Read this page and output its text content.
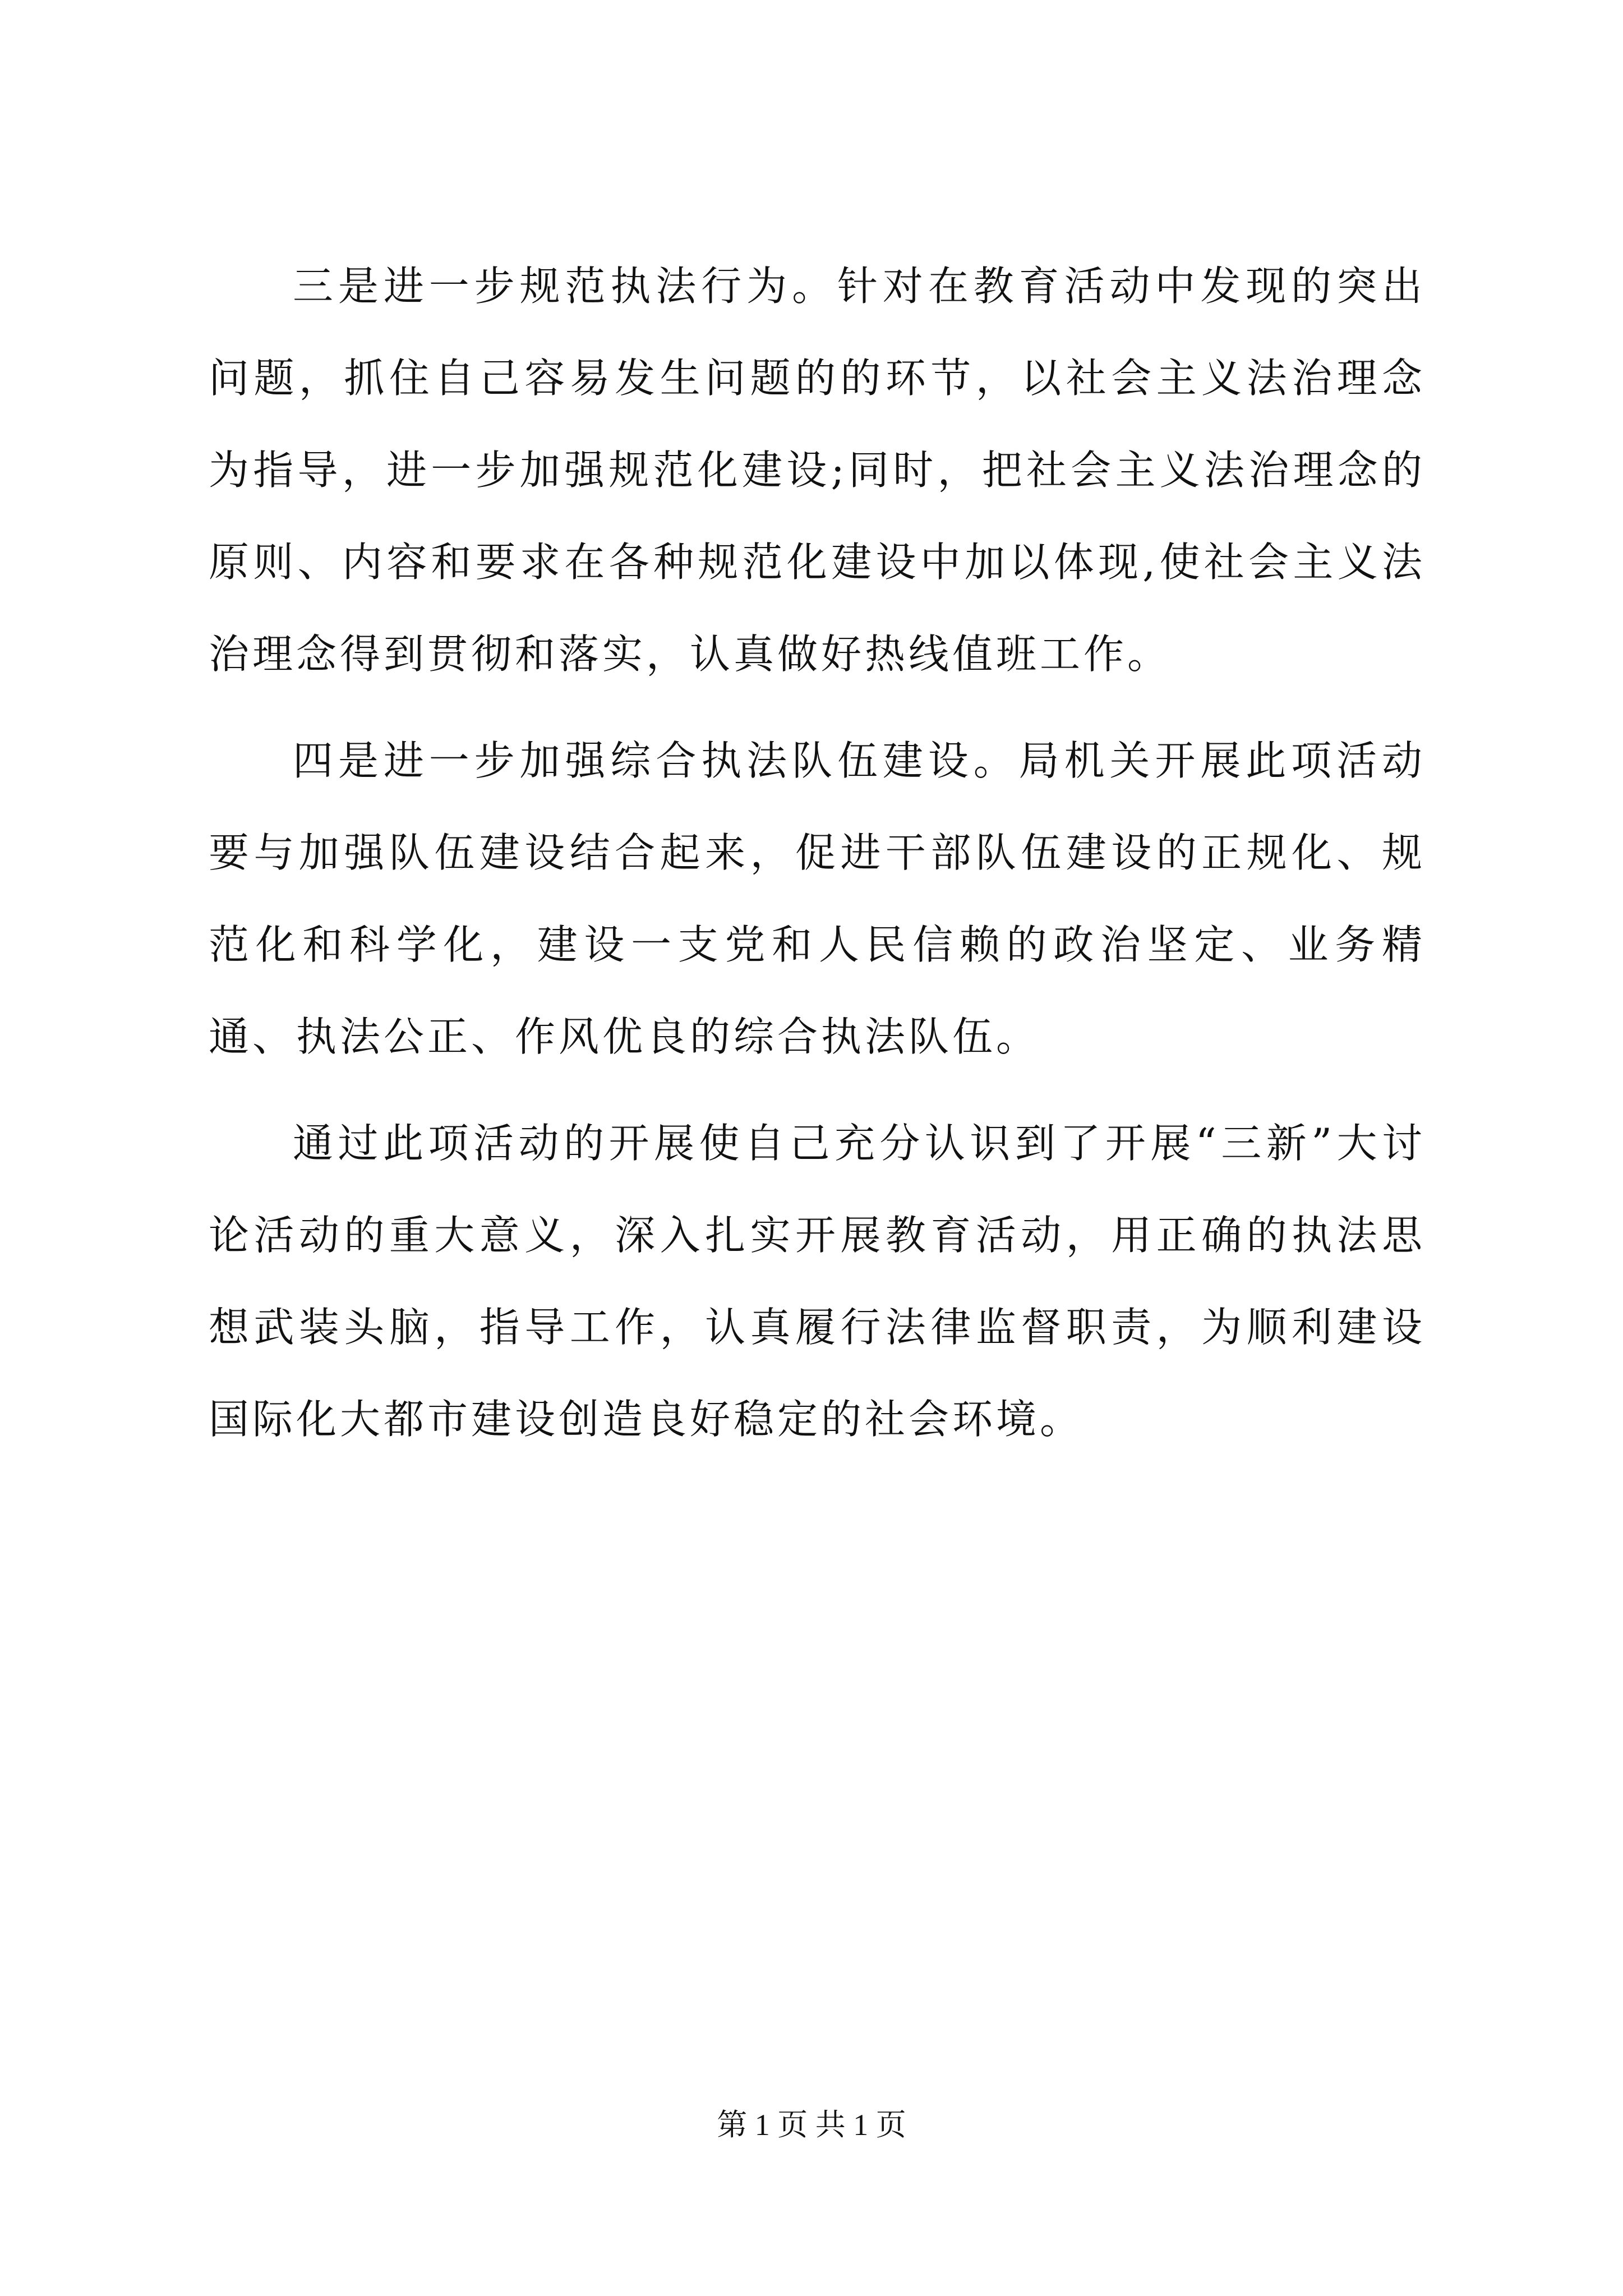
三是进一步规范执法行为。针对在教育活动中发现的突出问题，抓住自己容易发生问题的的环节，以社会主义法治理念为指导，进一步加强规范化建设;同时，把社会主义法治理念的原则、内容和要求在各种规范化建设中加以体现,使社会主义法治理念得到贯彻和落实，认真做好热线值班工作。

四是进一步加强综合执法队伍建设。局机关开展此项活动要与加强队伍建设结合起来，促进干部队伍建设的正规化、规范化和科学化，建设一支党和人民信赖的政治坚定、业务精通、执法公正、作风优良的综合执法队伍。

通过此项活动的开展使自己充分认识到了开展“三新”大讨论活动的重大意义，深入扎实开展教育活动，用正确的执法思想武装头脑，指导工作，认真履行法律监督职责，为顺利建设国际化大都市建设创造良好稳定的社会环境。

第 1 页 共 1 页
